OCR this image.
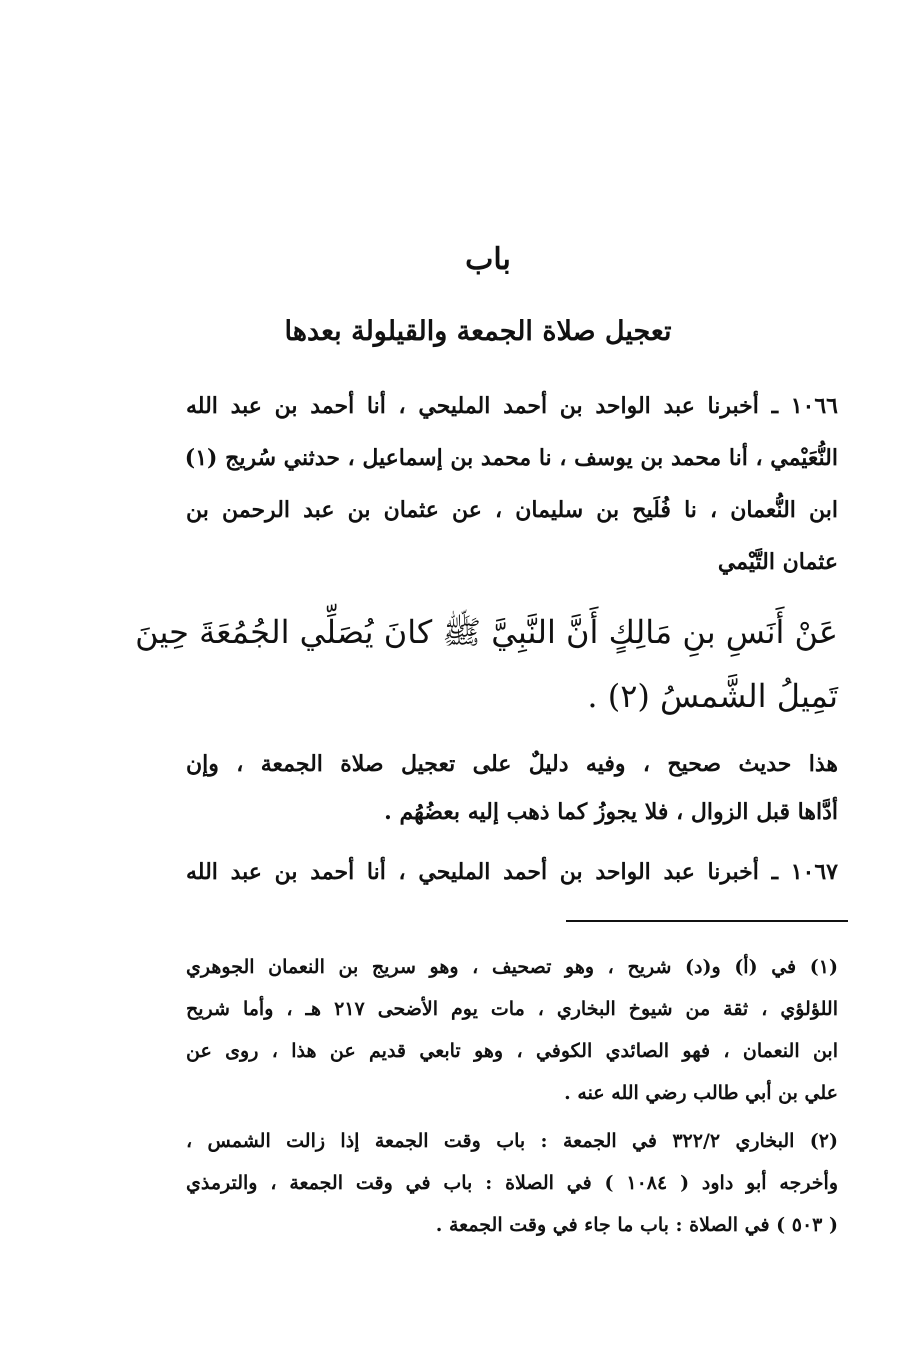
باب
تعجيل صلاة الجمعة والقيلولة بعدها
١٠٦٦ ـ أخبرنا عبد الواحد بن أحمد المليحي ، أنا أحمد بن عبد الله
النُّعَيْمي ، أنا محمد بن يوسف ، نا محمد بن إسماعيل ، حدثني سُريج (١)
ابن النُّعمان ، نا فُلَيح بن سليمان ، عن عثمان بن عبد الرحمن بن
عثمان التَّيْمي
عَنْ أَنَسِ بنِ مَالِكٍ أَنَّ النَّبِيَّ ﷺ كانَ يُصَلِّي الجُمُعَةَ حِينَ
تَمِيلُ الشَّمسُ (٢) .
هذا حديث صحيح ، وفيه دليلٌ على تعجيل صلاة الجمعة ، وإن
أدَّاها قبل الزوال ، فلا يجوزُ كما ذهب إليه بعضُهُم .
١٠٦٧ ـ أخبرنا عبد الواحد بن أحمد المليحي ، أنا أحمد بن عبد الله
(١) في (أ) و(د) شريح ، وهو تصحيف ، وهو سريج بن النعمان الجوهري
اللؤلؤي ، ثقة من شيوخ البخاري ، مات يوم الأضحى ٢١٧ هـ ، وأما شريح
ابن النعمان ، فهو الصائدي الكوفي ، وهو تابعي قديم عن هذا ، روى عن
علي بن أبي طالب رضي الله عنه .
(٢) البخاري ٣٢٢/٢ في الجمعة : باب وقت الجمعة إذا زالت الشمس ،
وأخرجه أبو داود ( ١٠٨٤ ) في الصلاة : باب في وقت الجمعة ، والترمذي
( ٥٠٣ ) في الصلاة : باب ما جاء في وقت الجمعة .
